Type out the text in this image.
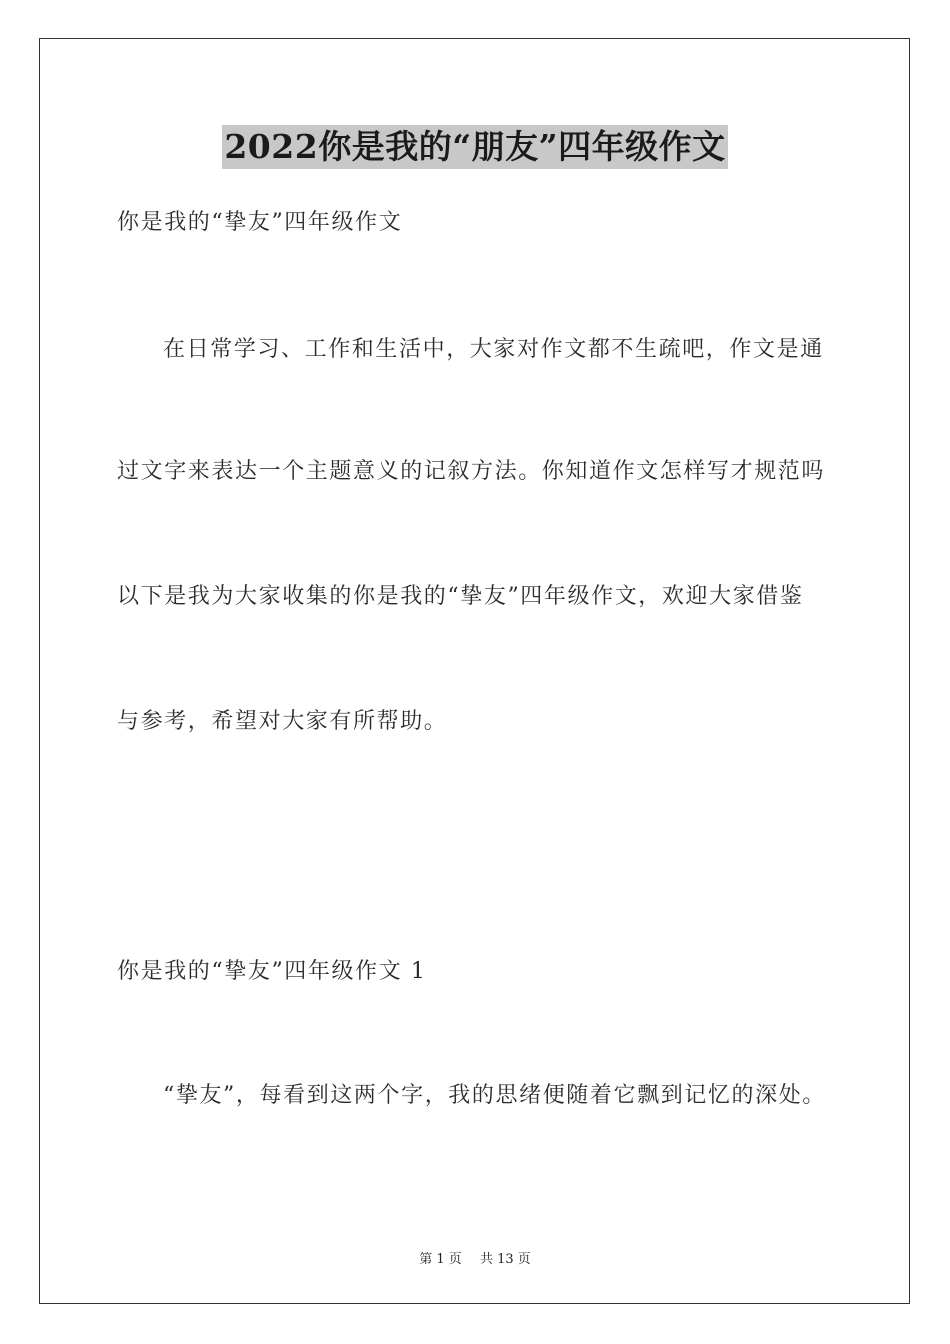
2022你是我的“朋友”四年级作文
你是我的“挚友”四年级作文
在日常学习、工作和生活中，大家对作文都不生疏吧，作文是通
过文字来表达一个主题意义的记叙方法。你知道作文怎样写才规范吗
以下是我为大家收集的你是我的“挚友”四年级作文，欢迎大家借鉴
与参考，希望对大家有所帮助。
你是我的“挚友”四年级作文 1
“挚友”，每看到这两个字，我的思绪便随着它飘到记忆的深处。
第 1 页 共 13 页
